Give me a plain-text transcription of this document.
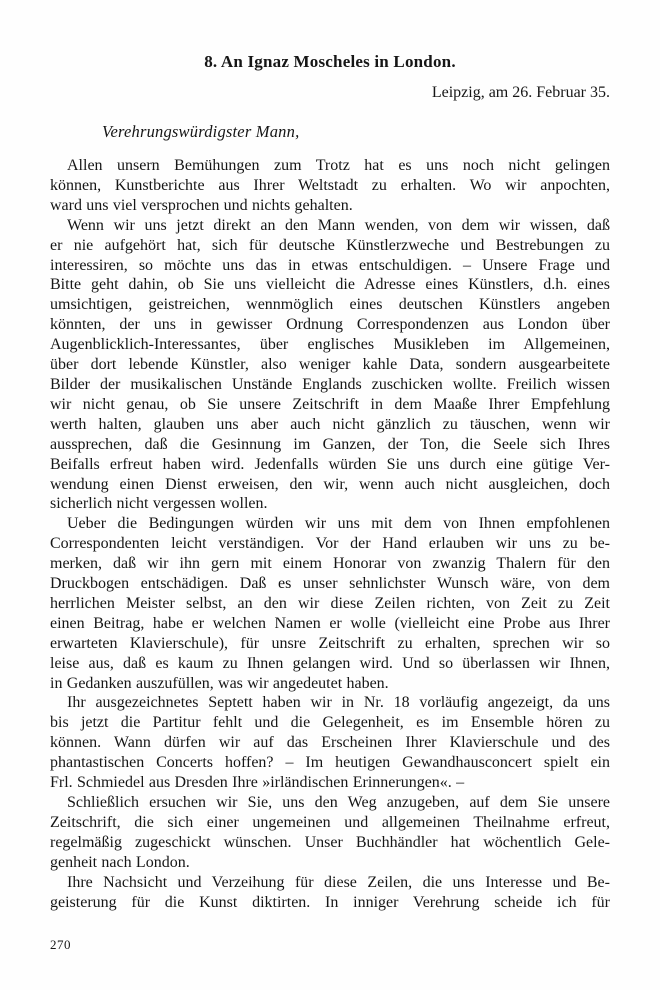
8. An Ignaz Moscheles in London.
Leipzig, am 26. Februar 35.
Verehrungswürdigster Mann,
Allen unsern Bemühungen zum Trotz hat es uns noch nicht gelingen
können, Kunstberichte aus Ihrer Weltstadt zu erhalten. Wo wir anpochten,
ward uns viel versprochen und nichts gehalten.
Wenn wir uns jetzt direkt an den Mann wenden, von dem wir wissen, daß
er nie aufgehört hat, sich für deutsche Künstlerzweche und Bestrebungen zu
interessiren, so möchte uns das in etwas entschuldigen. – Unsere Frage und
Bitte geht dahin, ob Sie uns vielleicht die Adresse eines Künstlers, d.h. eines
umsichtigen, geistreichen, wennmöglich eines deutschen Künstlers angeben
könnten, der uns in gewisser Ordnung Correspondenzen aus London über
Augenblicklich-Interessantes, über englisches Musikleben im Allgemeinen,
über dort lebende Künstler, also weniger kahle Data, sondern ausgearbeitete
Bilder der musikalischen Unstände Englands zuschicken wollte. Freilich wissen
wir nicht genau, ob Sie unsere Zeitschrift in dem Maaße Ihrer Empfehlung
werth halten, glauben uns aber auch nicht gänzlich zu täuschen, wenn wir
aussprechen, daß die Gesinnung im Ganzen, der Ton, die Seele sich Ihres
Beifalls erfreut haben wird. Jedenfalls würden Sie uns durch eine gütige Ver-
wendung einen Dienst erweisen, den wir, wenn auch nicht ausgleichen, doch
sicherlich nicht vergessen wollen.
Ueber die Bedingungen würden wir uns mit dem von Ihnen empfohlenen
Correspondenten leicht verständigen. Vor der Hand erlauben wir uns zu be-
merken, daß wir ihn gern mit einem Honorar von zwanzig Thalern für den
Druckbogen entschädigen. Daß es unser sehnlichster Wunsch wäre, von dem
herrlichen Meister selbst, an den wir diese Zeilen richten, von Zeit zu Zeit
einen Beitrag, habe er welchen Namen er wolle (vielleicht eine Probe aus Ihrer
erwarteten Klavierschule), für unsre Zeitschrift zu erhalten, sprechen wir so
leise aus, daß es kaum zu Ihnen gelangen wird. Und so überlassen wir Ihnen,
in Gedanken auszufüllen, was wir angedeutet haben.
Ihr ausgezeichnetes Septett haben wir in Nr. 18 vorläufig angezeigt, da uns
bis jetzt die Partitur fehlt und die Gelegenheit, es im Ensemble hören zu
können. Wann dürfen wir auf das Erscheinen Ihrer Klavierschule und des
phantastischen Concerts hoffen? – Im heutigen Gewandhausconcert spielt ein
Frl. Schmiedel aus Dresden Ihre »irländischen Erinnerungen«. –
Schließlich ersuchen wir Sie, uns den Weg anzugeben, auf dem Sie unsere
Zeitschrift, die sich einer ungemeinen und allgemeinen Theilnahme erfreut,
regelmäßig zugeschickt wünschen. Unser Buchhändler hat wöchentlich Gele-
genheit nach London.
Ihre Nachsicht und Verzeihung für diese Zeilen, die uns Interesse und Be-
geisterung für die Kunst diktirten. In inniger Verehrung scheide ich für
270
